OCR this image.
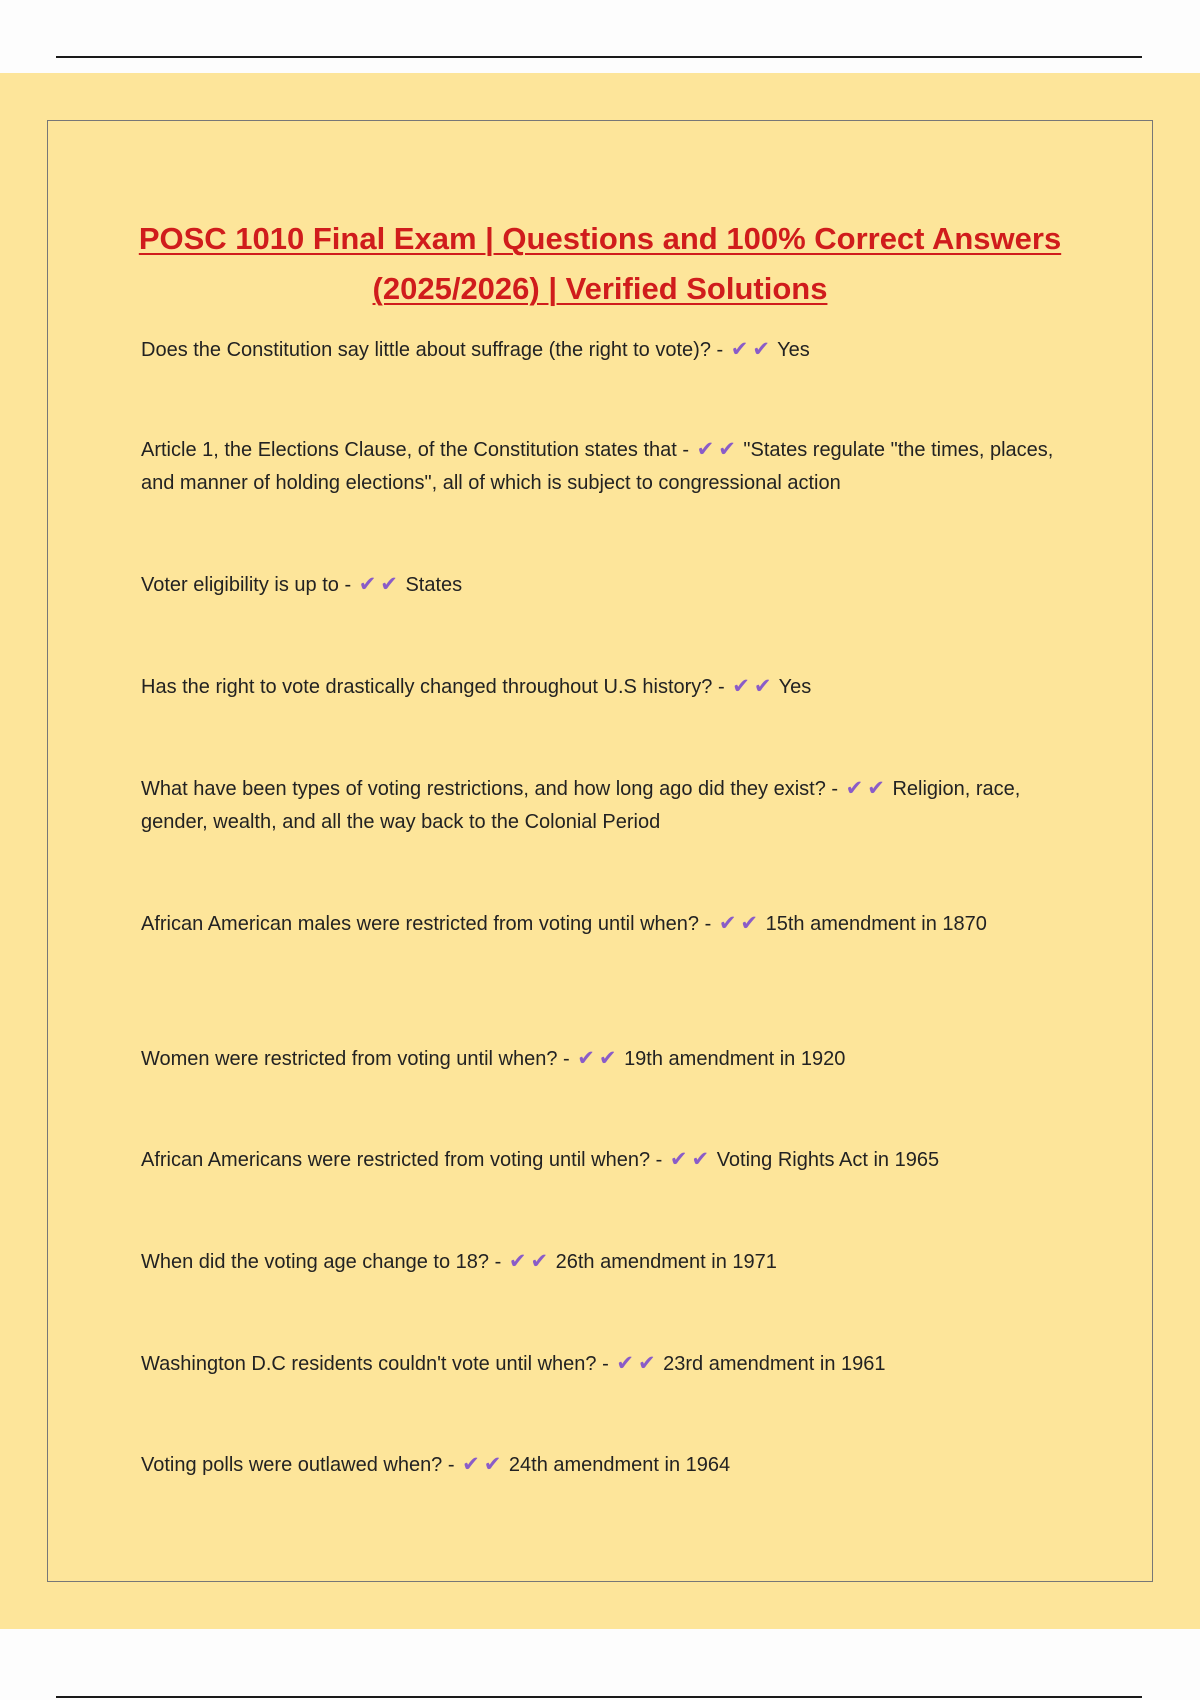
POSC 1010 Final Exam | Questions and 100% Correct Answers (2025/2026) | Verified Solutions

Does the Constitution say little about suffrage (the right to vote)? - ✔ ✔ Yes

Article 1, the Elections Clause, of the Constitution states that - ✔ ✔ "States regulate "the times, places, and manner of holding elections", all of which is subject to congressional action

Voter eligibility is up to - ✔ ✔ States

Has the right to vote drastically changed throughout U.S history? - ✔ ✔ Yes

What have been types of voting restrictions, and how long ago did they exist? - ✔ ✔ Religion, race, gender, wealth, and all the way back to the Colonial Period

African American males were restricted from voting until when? - ✔ ✔ 15th amendment in 1870

Women were restricted from voting until when? - ✔ ✔ 19th amendment in 1920

African Americans were restricted from voting until when? - ✔ ✔ Voting Rights Act in 1965

When did the voting age change to 18? - ✔ ✔ 26th amendment in 1971

Washington D.C residents couldn't vote until when? - ✔ ✔ 23rd amendment in 1961

Voting polls were outlawed when? - ✔ ✔ 24th amendment in 1964
